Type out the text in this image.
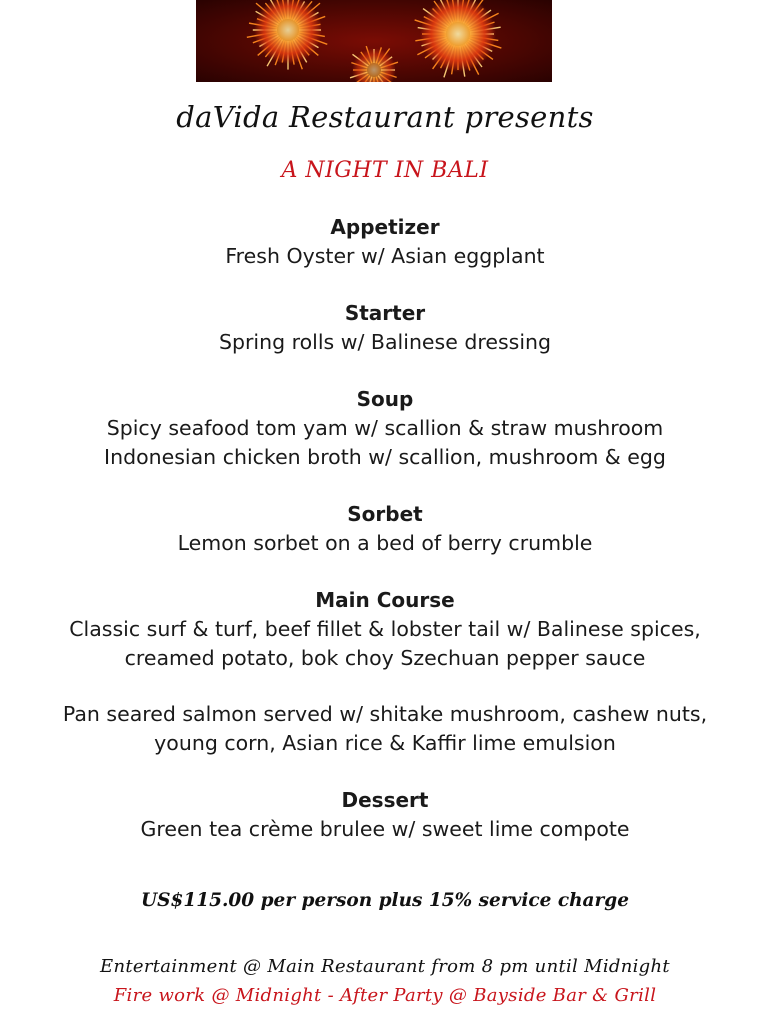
daVida Restaurant presents
A NIGHT IN BALI

Appetizer

Fresh Oyster w/ Asian eggplant

Starter

Spring rolls w/ Balinese dressing

Soup

Spicy seafood tom yam w/ scallion & straw mushroom

Indonesian chicken broth w/ scallion, mushroom & egg

Sorbet

Lemon sorbet on a bed of berry crumble

Main Course

Classic surf & turf, beef fillet & lobster tail w/ Balinese spices,

creamed potato, bok choy Szechuan pepper sauce

Pan seared salmon served w/ shitake mushroom, cashew nuts,

young corn, Asian rice & Kaffir lime emulsion

Dessert

Green tea crème brulee w/ sweet lime compote

US$115.00 per person plus 15% service charge
Entertainment @ Main Restaurant from 8 pm until Midnight
Fire work @ Midnight - After Party @ Bayside Bar & Grill
